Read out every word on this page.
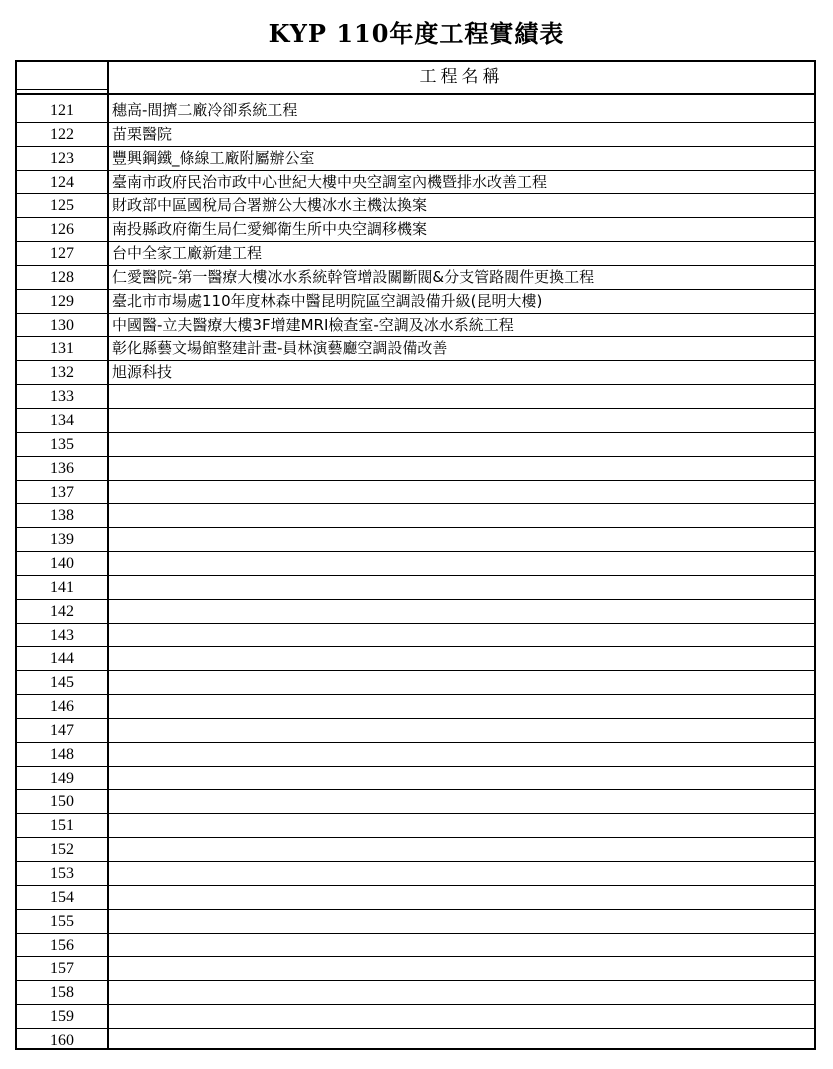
KYP 110年度工程實績表
工程名稱
121	穗高-間擠二廠冷卻系統工程
122	苗栗醫院
123	豐興鋼鐵_條線工廠附屬辦公室
124	臺南市政府民治市政中心世紀大樓中央空調室內機暨排水改善工程
125	財政部中區國稅局合署辦公大樓冰水主機汰換案
126	南投縣政府衛生局仁愛鄉衛生所中央空調移機案
127	台中全家工廠新建工程
128	仁愛醫院-第一醫療大樓冰水系統幹管增設關斷閥&分支管路閥件更換工程
129	臺北市市場處110年度林森中醫昆明院區空調設備升級(昆明大樓)
130	中國醫-立夫醫療大樓3F增建MRI檢查室-空調及冰水系統工程
131	彰化縣藝文場館整建計畫-員林演藝廳空調設備改善
132	旭源科技
133
134
135
136
137
138
139
140
141
142
143
144
145
146
147
148
149
150
151
152
153
154
155
156
157
158
159
160
